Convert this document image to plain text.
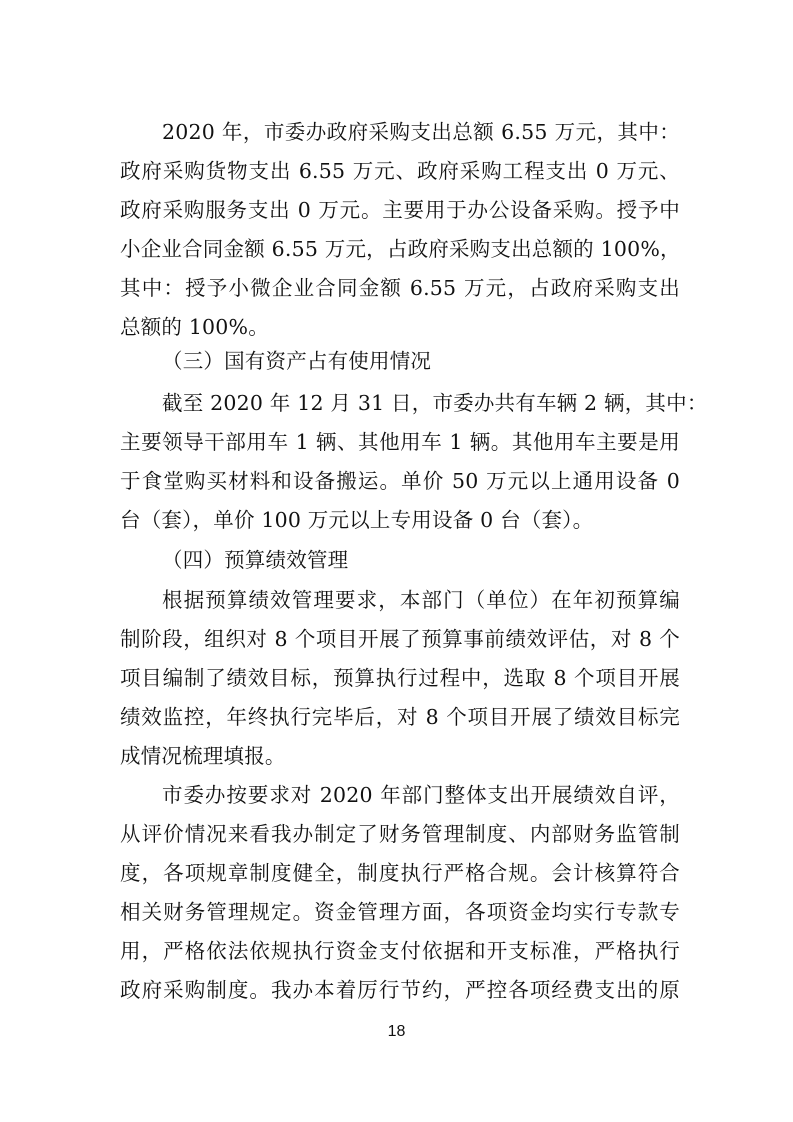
2020 年，市委办政府采购支出总额 6.55 万元，其中：
政府采购货物支出 6.55 万元、政府采购工程支出 0 万元、
政府采购服务支出 0 万元。主要用于办公设备采购。授予中
小企业合同金额 6.55 万元，占政府采购支出总额的 100%，
其中：授予小微企业合同金额 6.55 万元，占政府采购支出
总额的 100%。
（三）国有资产占有使用情况
截至 2020 年 12 月 31 日，市委办共有车辆 2 辆，其中：
主要领导干部用车 1 辆、其他用车 1 辆。其他用车主要是用
于食堂购买材料和设备搬运。单价 50 万元以上通用设备 0
台（套），单价 100 万元以上专用设备 0 台（套）。
（四）预算绩效管理
根据预算绩效管理要求，本部门（单位）在年初预算编
制阶段，组织对 8 个项目开展了预算事前绩效评估，对 8 个
项目编制了绩效目标，预算执行过程中，选取 8 个项目开展
绩效监控，年终执行完毕后，对 8 个项目开展了绩效目标完
成情况梳理填报。
市委办按要求对 2020 年部门整体支出开展绩效自评，
从评价情况来看我办制定了财务管理制度、内部财务监管制
度，各项规章制度健全，制度执行严格合规。会计核算符合
相关财务管理规定。资金管理方面，各项资金均实行专款专
用，严格依法依规执行资金支付依据和开支标准，严格执行
政府采购制度。我办本着厉行节约，严控各项经费支出的原
18
